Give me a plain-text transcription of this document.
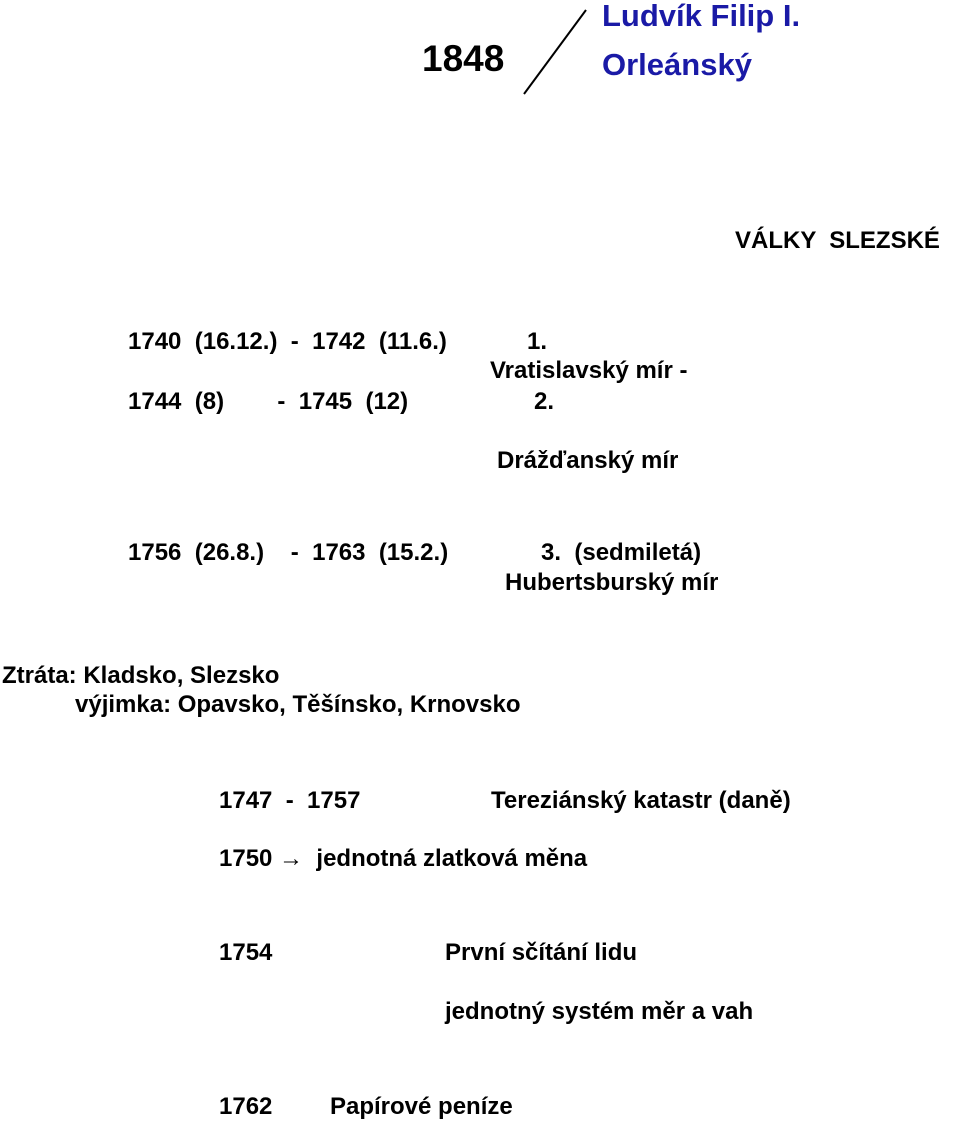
1848
Ludvík Filip I.
Orleánský
VÁLKY  SLEZSKÉ
1740  (16.12.)  -  1742  (11.6.)	1.
Vratislavský mír -
1744  (8)        -  1745  (12)	2.
Drážďanský mír
1756  (26.8.)    -  1763  (15.2.)	3.  (sedmiletá)
Hubertsburský mír
Ztráta: Kladsko, Slezsko
výjimka: Opavsko, Těšínsko, Krnovsko
1747  -  1757	Tereziánský katastr (daně)
1750 →  jednotná zlatková měna
1754	První sčítání lidu
jednotný systém měr a vah
1762 Papírové peníze
